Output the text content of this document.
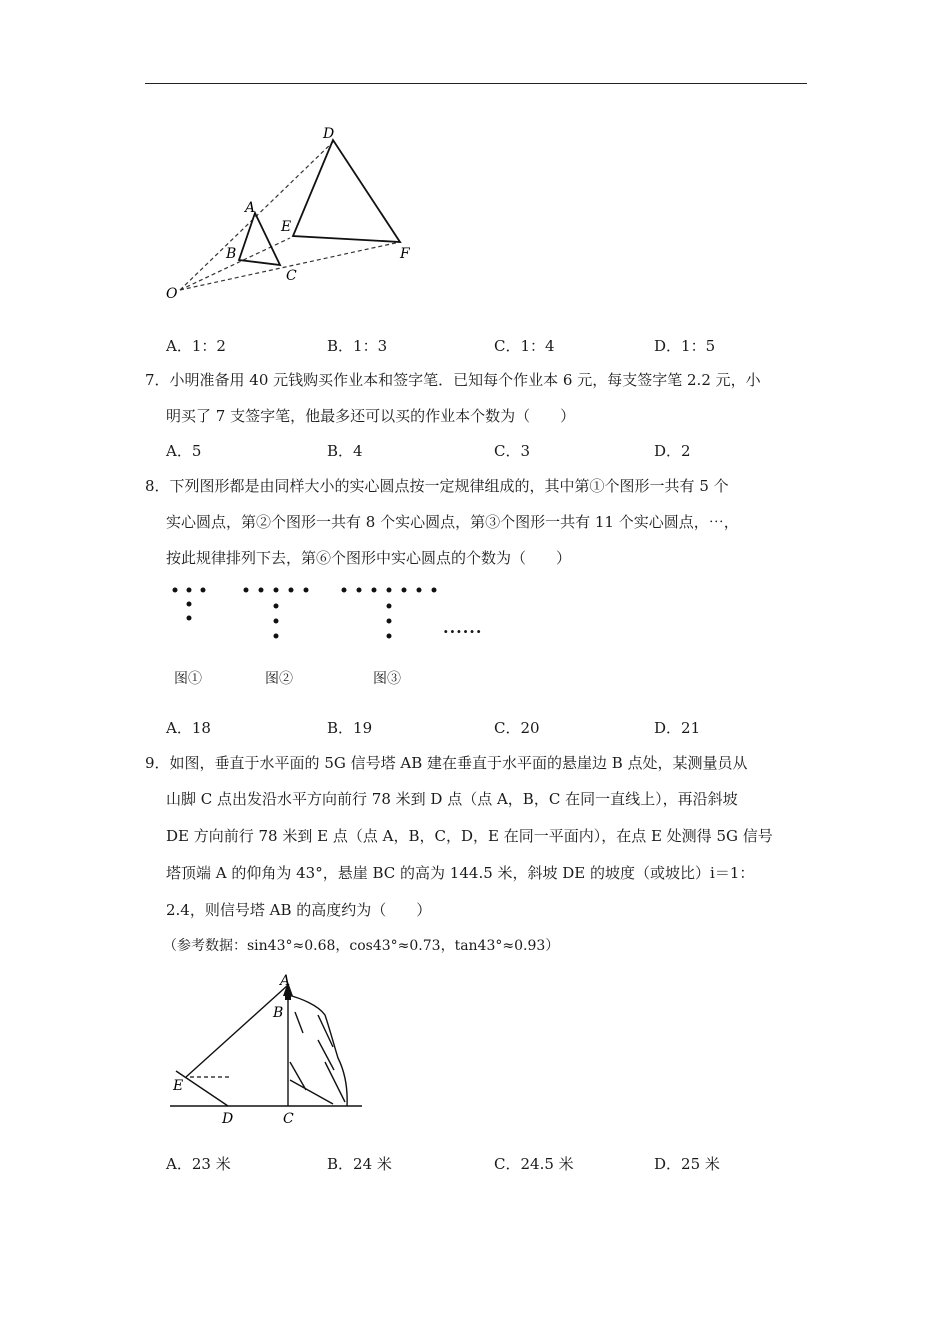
O
A
B
C
D
E
F
A．1：2	B．1：3	C．1：4	D．1：5
7．小明准备用 40 元钱购买作业本和签字笔．已知每个作业本 6 元，每支签字笔 2.2 元，小
明买了 7 支签字笔，他最多还可以买的作业本个数为（　　）
A．5	B．4	C．3	D．2
8．下列图形都是由同样大小的实心圆点按一定规律组成的，其中第①个图形一共有 5 个
实心圆点，第②个图形一共有 8 个实心圆点，第③个图形一共有 11 个实心圆点，⋯，
按此规律排列下去，第⑥个图形中实心圆点的个数为（　　）
......
图①	图②	图③
A．18	B．19	C．20	D．21
9．如图，垂直于水平面的 5G 信号塔 AB 建在垂直于水平面的悬崖边 B 点处，某测量员从
山脚 C 点出发沿水平方向前行 78 米到 D 点（点 A，B，C 在同一直线上），再沿斜坡
DE 方向前行 78 米到 E 点（点 A，B，C，D，E 在同一平面内），在点 E 处测得 5G 信号
塔顶端 A 的仰角为 43°，悬崖 BC 的高为 144.5 米，斜坡 DE 的坡度（或坡比）i＝1：
2.4，则信号塔 AB 的高度约为（　　）
（参考数据：sin43°≈0.68，cos43°≈0.73，tan43°≈0.93）
A
B
C
D
E
A．23 米	B．24 米	C．24.5 米	D．25 米
